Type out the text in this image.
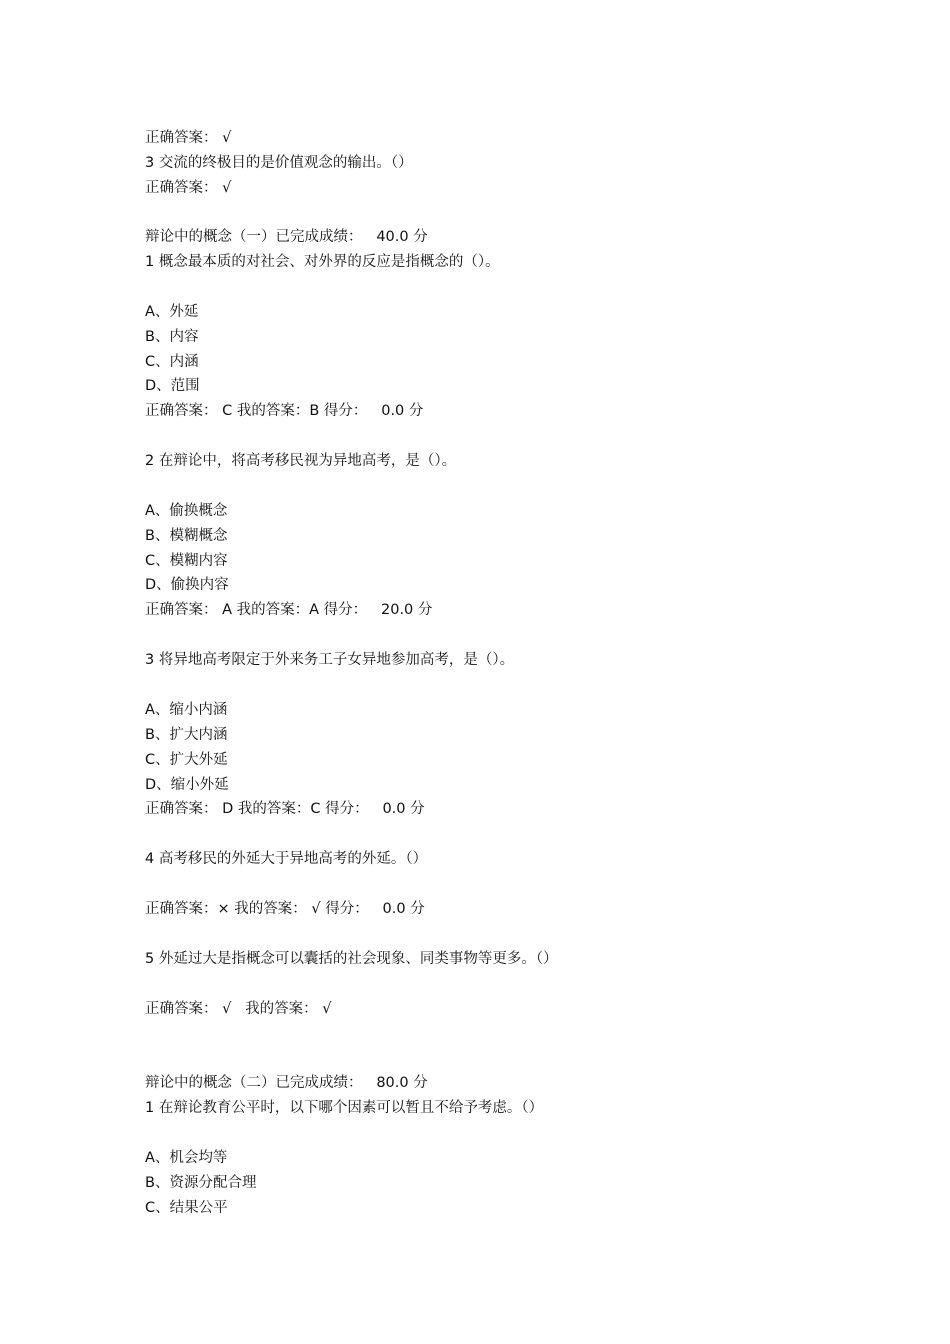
正确答案： √
3 交流的终极目的是价值观念的输出。（）
正确答案： √
辩论中的概念（一）已完成成绩：   40.0 分
1 概念最本质的对社会、对外界的反应是指概念的（）。
A、外延
B、内容
C、内涵
D、范围
正确答案： C 我的答案：B 得分：   0.0 分
2 在辩论中，将高考移民视为异地高考，是（）。
A、偷换概念
B、模糊概念
C、模糊内容
D、偷换内容
正确答案： A 我的答案：A 得分：   20.0 分
3 将异地高考限定于外来务工子女异地参加高考，是（）。
A、缩小内涵
B、扩大内涵
C、扩大外延
D、缩小外延
正确答案： D 我的答案：C 得分：   0.0 分
4 高考移民的外延大于异地高考的外延。（）
正确答案：× 我的答案： √ 得分：   0.0 分
5 外延过大是指概念可以囊括的社会现象、同类事物等更多。（）
正确答案： √   我的答案： √
辩论中的概念（二）已完成成绩：   80.0 分
1 在辩论教育公平时，以下哪个因素可以暂且不给予考虑。（）
A、机会均等
B、资源分配合理
C、结果公平
